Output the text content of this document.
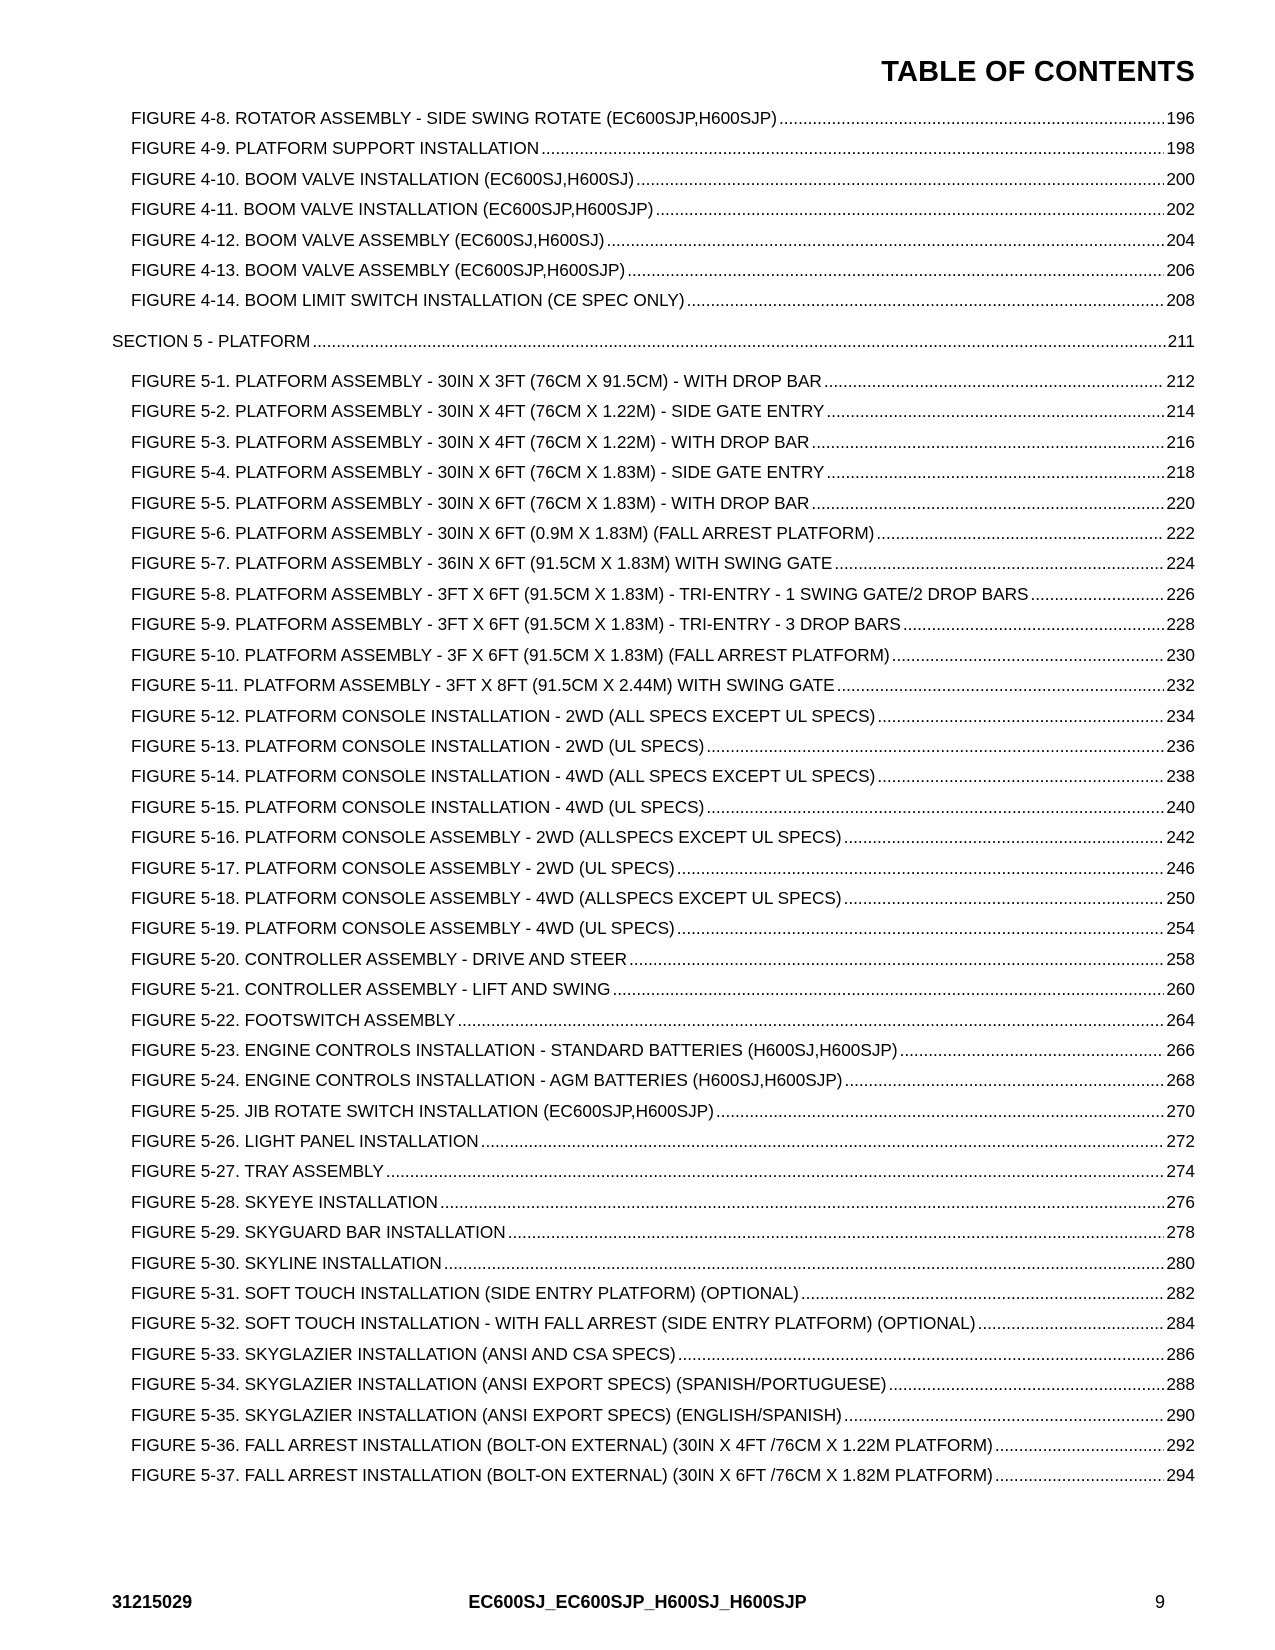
TABLE OF CONTENTS
FIGURE 4-8. ROTATOR ASSEMBLY - SIDE SWING ROTATE (EC600SJP,H600SJP) .....	196
FIGURE 4-9. PLATFORM SUPPORT INSTALLATION .....	198
FIGURE 4-10. BOOM VALVE INSTALLATION (EC600SJ,H600SJ) .....	200
FIGURE 4-11. BOOM VALVE INSTALLATION (EC600SJP,H600SJP) .....	202
FIGURE 4-12. BOOM VALVE ASSEMBLY (EC600SJ,H600SJ) .....	204
FIGURE 4-13. BOOM VALVE ASSEMBLY (EC600SJP,H600SJP) .....	206
FIGURE 4-14. BOOM LIMIT SWITCH INSTALLATION (CE SPEC ONLY) .....	208
SECTION 5 - PLATFORM .....	211
FIGURE 5-1. PLATFORM ASSEMBLY - 30IN X 3FT (76CM X 91.5CM) - WITH DROP BAR .....	212
FIGURE 5-2. PLATFORM ASSEMBLY - 30IN X 4FT (76CM X 1.22M) - SIDE GATE ENTRY .....	214
FIGURE 5-3. PLATFORM ASSEMBLY - 30IN X 4FT (76CM X 1.22M) - WITH DROP BAR .....	216
FIGURE 5-4. PLATFORM ASSEMBLY - 30IN X 6FT (76CM X 1.83M) - SIDE GATE ENTRY .....	218
FIGURE 5-5. PLATFORM ASSEMBLY - 30IN X 6FT (76CM X 1.83M) - WITH DROP BAR .....	220
FIGURE 5-6. PLATFORM ASSEMBLY - 30IN X 6FT (0.9M X 1.83M) (FALL ARREST PLATFORM) .....	222
FIGURE 5-7. PLATFORM ASSEMBLY - 36IN X 6FT (91.5CM X 1.83M) WITH SWING GATE .....	224
FIGURE 5-8. PLATFORM ASSEMBLY - 3FT X 6FT (91.5CM X 1.83M) - TRI-ENTRY - 1 SWING GATE/2 DROP BARS .....	226
FIGURE 5-9. PLATFORM ASSEMBLY - 3FT X 6FT (91.5CM X 1.83M) - TRI-ENTRY - 3 DROP BARS .....	228
FIGURE 5-10. PLATFORM ASSEMBLY - 3F X 6FT (91.5CM X 1.83M) (FALL ARREST PLATFORM) .....	230
FIGURE 5-11. PLATFORM ASSEMBLY - 3FT X 8FT (91.5CM X 2.44M) WITH SWING GATE .....	232
FIGURE 5-12. PLATFORM CONSOLE INSTALLATION - 2WD (ALL SPECS EXCEPT UL SPECS) .....	234
FIGURE 5-13. PLATFORM CONSOLE INSTALLATION - 2WD (UL SPECS) .....	236
FIGURE 5-14. PLATFORM CONSOLE INSTALLATION - 4WD (ALL SPECS EXCEPT UL SPECS) .....	238
FIGURE 5-15. PLATFORM CONSOLE INSTALLATION - 4WD (UL SPECS) .....	240
FIGURE 5-16. PLATFORM CONSOLE ASSEMBLY - 2WD (ALLSPECS EXCEPT UL SPECS) .....	242
FIGURE 5-17. PLATFORM CONSOLE ASSEMBLY - 2WD (UL SPECS) .....	246
FIGURE 5-18. PLATFORM CONSOLE ASSEMBLY - 4WD (ALLSPECS EXCEPT UL SPECS) .....	250
FIGURE 5-19. PLATFORM CONSOLE ASSEMBLY - 4WD (UL SPECS) .....	254
FIGURE 5-20. CONTROLLER ASSEMBLY - DRIVE AND STEER .....	258
FIGURE 5-21. CONTROLLER ASSEMBLY - LIFT AND SWING .....	260
FIGURE 5-22. FOOTSWITCH ASSEMBLY .....	264
FIGURE 5-23. ENGINE CONTROLS INSTALLATION - STANDARD BATTERIES (H600SJ,H600SJP) .....	266
FIGURE 5-24. ENGINE CONTROLS INSTALLATION - AGM BATTERIES (H600SJ,H600SJP) .....	268
FIGURE 5-25. JIB ROTATE SWITCH INSTALLATION (EC600SJP,H600SJP) .....	270
FIGURE 5-26. LIGHT PANEL INSTALLATION .....	272
FIGURE 5-27. TRAY ASSEMBLY .....	274
FIGURE 5-28. SKYEYE INSTALLATION .....	276
FIGURE 5-29. SKYGUARD BAR INSTALLATION .....	278
FIGURE 5-30. SKYLINE INSTALLATION .....	280
FIGURE 5-31. SOFT TOUCH INSTALLATION (SIDE ENTRY PLATFORM) (OPTIONAL) .....	282
FIGURE 5-32. SOFT TOUCH INSTALLATION - WITH FALL ARREST (SIDE ENTRY PLATFORM) (OPTIONAL) .....	284
FIGURE 5-33. SKYGLAZIER INSTALLATION (ANSI AND CSA SPECS) .....	286
FIGURE 5-34. SKYGLAZIER INSTALLATION (ANSI EXPORT SPECS) (SPANISH/PORTUGUESE) .....	288
FIGURE 5-35. SKYGLAZIER INSTALLATION (ANSI EXPORT SPECS) (ENGLISH/SPANISH) .....	290
FIGURE 5-36. FALL ARREST INSTALLATION (BOLT-ON EXTERNAL) (30IN X 4FT /76CM X 1.22M PLATFORM) .....	292
FIGURE 5-37. FALL ARREST INSTALLATION (BOLT-ON EXTERNAL) (30IN X 6FT /76CM X 1.82M PLATFORM) .....	294
31215029	EC600SJ_EC600SJP_H600SJ_H600SJP	9
